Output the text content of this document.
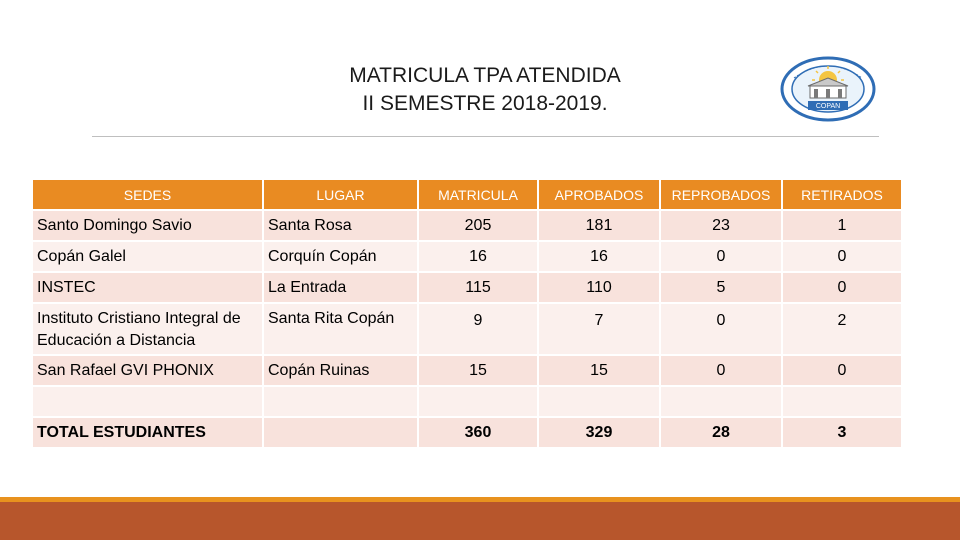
MATRICULA TPA ATENDIDA
II SEMESTRE 2018-2019.	COPAN
SEDES	LUGAR	MATRICULA	APROBADOS	REPROBADOS	RETIRADOS
Santo Domingo Savio	Santa Rosa	205	181	23	1
Copán Galel	Corquín Copán	16	16	0	0
INSTEC	La Entrada	115	110	5	0
Instituto Cristiano Integral de Educación a Distancia	Santa Rita Copán	9	7	0	2
San Rafael GVI PHONIX	Copán Ruinas	15	15	0	0

TOTAL ESTUDIANTES		360	329	28	3
